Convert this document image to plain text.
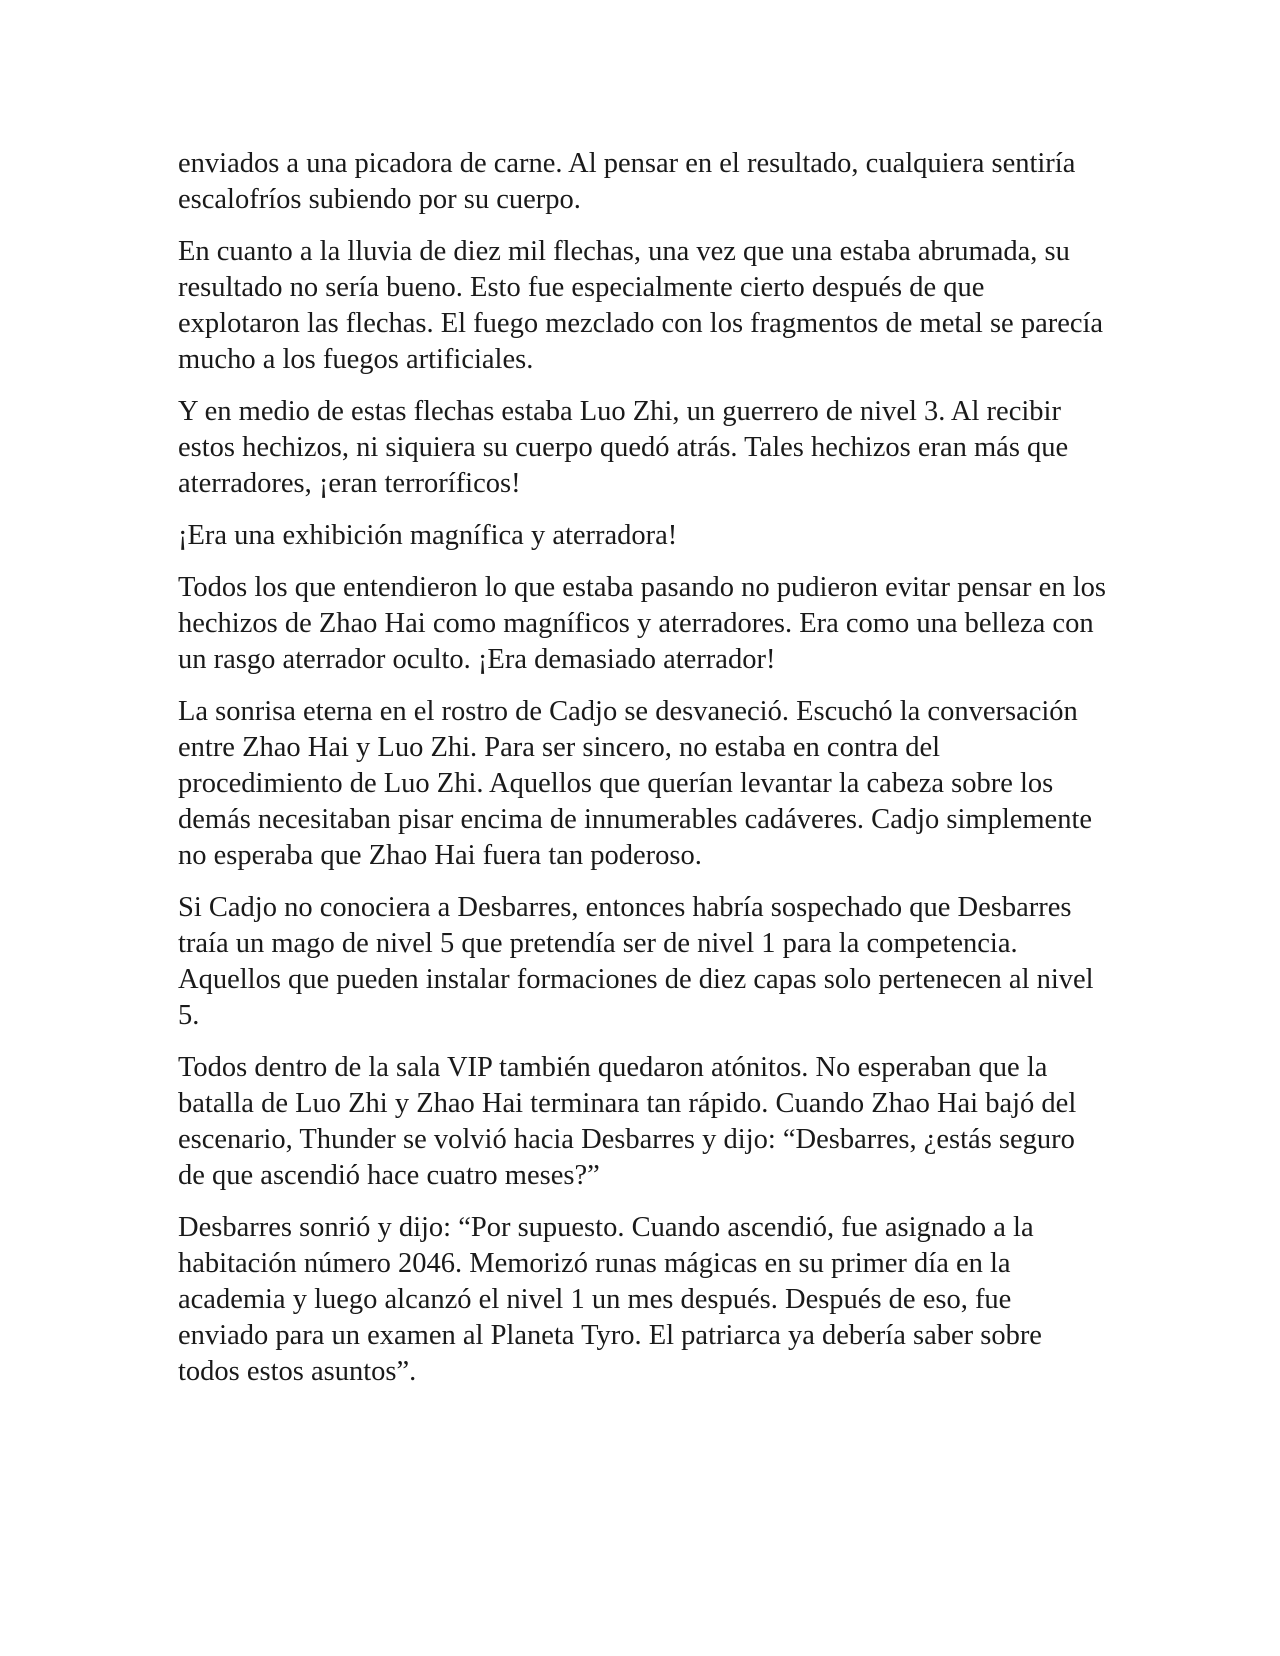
enviados a una picadora de carne. Al pensar en el resultado, cualquiera sentiría escalofríos subiendo por su cuerpo.

En cuanto a la lluvia de diez mil flechas, una vez que una estaba abrumada, su resultado no sería bueno. Esto fue especialmente cierto después de que explotaron las flechas. El fuego mezclado con los fragmentos de metal se parecía mucho a los fuegos artificiales.

Y en medio de estas flechas estaba Luo Zhi, un guerrero de nivel 3. Al recibir estos hechizos, ni siquiera su cuerpo quedó atrás. Tales hechizos eran más que aterradores, ¡eran terroríficos!

¡Era una exhibición magnífica y aterradora!

Todos los que entendieron lo que estaba pasando no pudieron evitar pensar en los hechizos de Zhao Hai como magníficos y aterradores. Era como una belleza con un rasgo aterrador oculto. ¡Era demasiado aterrador!

La sonrisa eterna en el rostro de Cadjo se desvaneció. Escuchó la conversación entre Zhao Hai y Luo Zhi. Para ser sincero, no estaba en contra del procedimiento de Luo Zhi. Aquellos que querían levantar la cabeza sobre los demás necesitaban pisar encima de innumerables cadáveres. Cadjo simplemente no esperaba que Zhao Hai fuera tan poderoso.

Si Cadjo no conociera a Desbarres, entonces habría sospechado que Desbarres traía un mago de nivel 5 que pretendía ser de nivel 1 para la competencia. Aquellos que pueden instalar formaciones de diez capas solo pertenecen al nivel 5.

Todos dentro de la sala VIP también quedaron atónitos. No esperaban que la batalla de Luo Zhi y Zhao Hai terminara tan rápido. Cuando Zhao Hai bajó del escenario, Thunder se volvió hacia Desbarres y dijo: “Desbarres, ¿estás seguro de que ascendió hace cuatro meses?”

Desbarres sonrió y dijo: “Por supuesto. Cuando ascendió, fue asignado a la habitación número 2046. Memorizó runas mágicas en su primer día en la academia y luego alcanzó el nivel 1 un mes después. Después de eso, fue enviado para un examen al Planeta Tyro. El patriarca ya debería saber sobre todos estos asuntos”.
